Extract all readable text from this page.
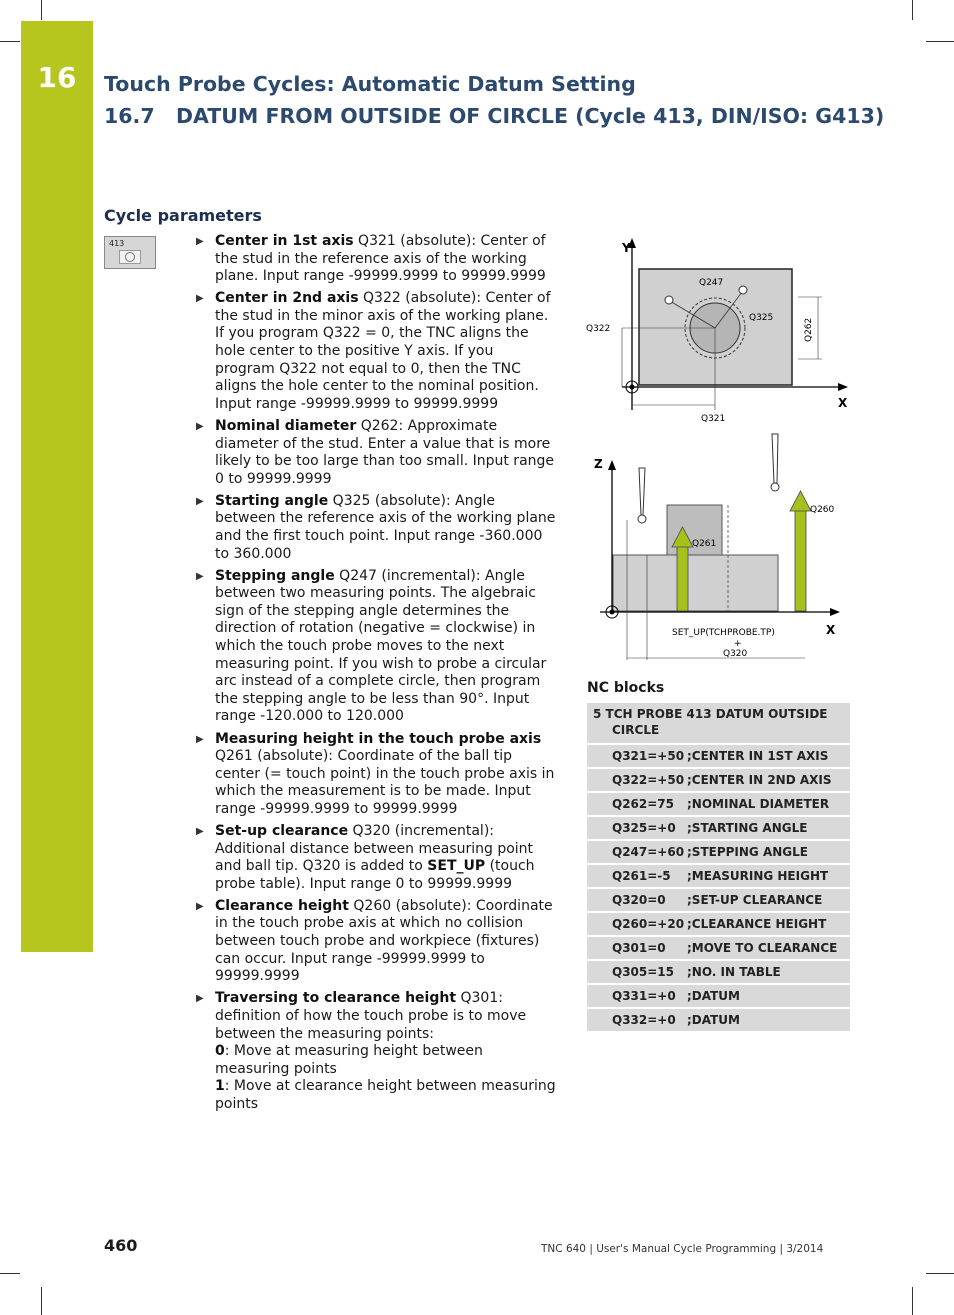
16	Touch Probe Cycles: Automatic Datum Setting
16.7 DATUM FROM OUTSIDE OF CIRCLE (Cycle 413, DIN/ISO: G413)
Cycle parameters
413	▶ Center in 1st axis Q321 (absolute): Center of the stud in the reference axis of the working plane. Input range -99999.9999 to 99999.9999
▶ Center in 2nd axis Q322 (absolute): Center of the stud in the minor axis of the working plane. If you program Q322 = 0, the TNC aligns the hole center to the positive Y axis. If you program Q322 not equal to 0, then the TNC aligns the hole center to the nominal position. Input range -99999.9999 to 99999.9999
▶ Nominal diameter Q262: Approximate diameter of the stud. Enter a value that is more likely to be too large than too small. Input range 0 to 99999.9999
▶ Starting angle Q325 (absolute): Angle between the reference axis of the working plane and the first touch point. Input range -360.000 to 360.000
▶ Stepping angle Q247 (incremental): Angle between two measuring points. The algebraic sign of the stepping angle determines the direction of rotation (negative = clockwise) in which the touch probe moves to the next measuring point. If you wish to probe a circular arc instead of a complete circle, then program the stepping angle to be less than 90°. Input range -120.000 to 120.000
▶ Measuring height in the touch probe axis Q261 (absolute): Coordinate of the ball tip center (= touch point) in the touch probe axis in which the measurement is to be made. Input range -99999.9999 to 99999.9999
▶ Set-up clearance Q320 (incremental): Additional distance between measuring point and ball tip. Q320 is added to SET_UP (touch probe table). Input range 0 to 99999.9999
▶ Clearance height Q260 (absolute): Coordinate in the touch probe axis at which no collision between touch probe and workpiece (fixtures) can occur. Input range -99999.9999 to 99999.9999
▶ Traversing to clearance height Q301: definition of how the touch probe is to move between the measuring points:
0: Move at measuring height between measuring points
1: Move at clearance height between measuring points
Y
X
Q247
Q325
Q322
Q321
Q262
Z
X
Q260
Q261
SET_UP(TCHPROBE.TP)
+
Q320
NC blocks
5 TCH PROBE 413 DATUM OUTSIDE
CIRCLE	
Q321=+50	;CENTER IN 1ST AXIS
Q322=+50	;CENTER IN 2ND AXIS
Q262=75	;NOMINAL DIAMETER
Q325=+0	;STARTING ANGLE
Q247=+60	;STEPPING ANGLE
Q261=-5	;MEASURING HEIGHT
Q320=0	;SET-UP CLEARANCE
Q260=+20	;CLEARANCE HEIGHT
Q301=0	;MOVE TO CLEARANCE
Q305=15	;NO. IN TABLE
Q331=+0	;DATUM
Q332=+0	;DATUM
460	TNC 640 | User's Manual Cycle Programming | 3/2014
